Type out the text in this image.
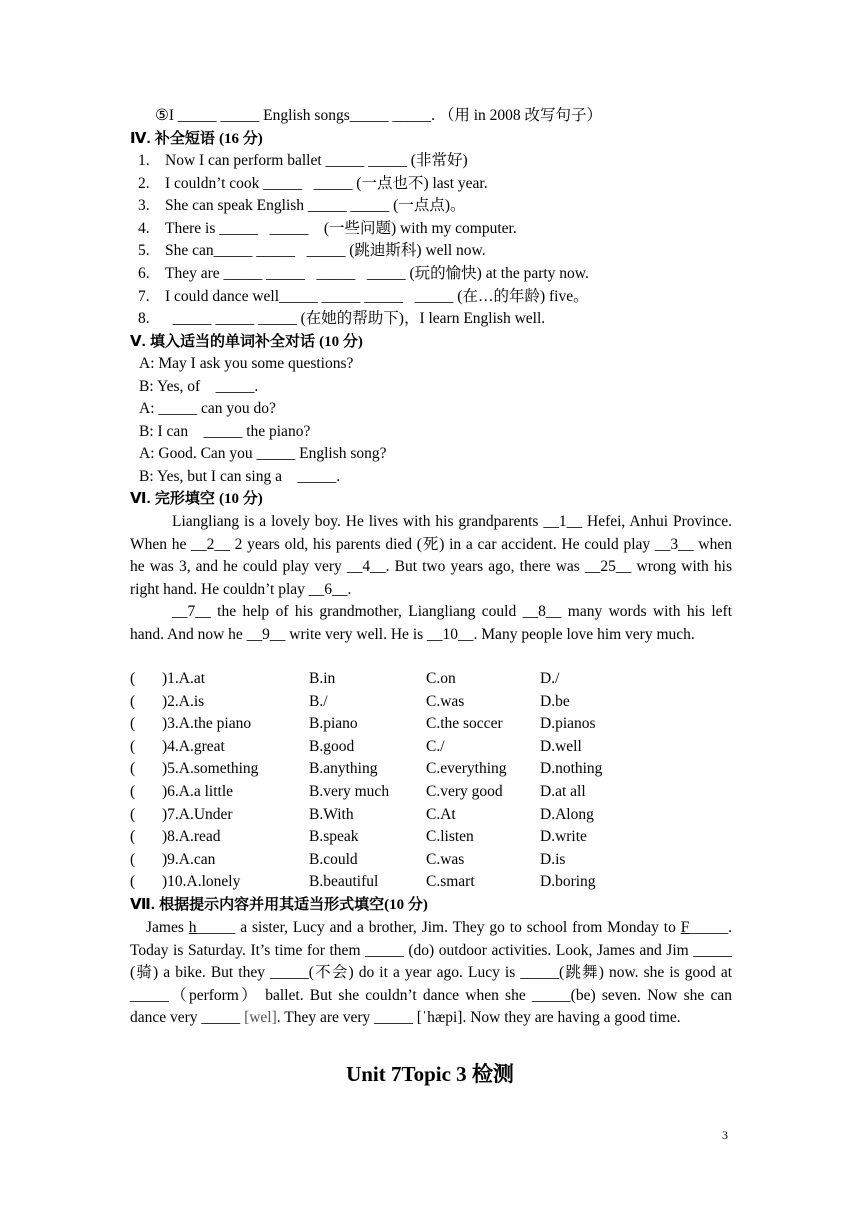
⑤I _____ _____ English songs_____ _____. （用 in 2008 改写句子）
Ⅳ. 补全短语 (16 分)
1. Now I can perform ballet _____ _____ (非常好)
2. I couldn’t cook _____   _____ (一点也不) last year.
3. She can speak English _____ _____ (一点点)。
4. There is _____   _____    (一些问题) with my computer.
5. She can_____ _____   _____ (跳迪斯科) well now.
6. They are _____ _____   _____   _____ (玩的愉快) at the party now.
7. I could dance well_____ _____ _____   _____ (在…的年龄) five。
8.  _____ _____ _____ (在她的帮助下)，I learn English well.
Ⅴ. 填入适当的单词补全对话 (10 分)
A: May I ask you some questions?
B: Yes, of    _____.
A: _____ can you do?
B: I can    _____ the piano?
A: Good. Can you _____ English song?
B: Yes, but I can sing a    _____.
Ⅵ. 完形填空 (10 分)
Liangliang is a lovely boy. He lives with his grandparents __1__ Hefei, Anhui Province. When he __2__ 2 years old, his parents died (死) in a car accident. He could play __3__ when he was 3, and he could play very __4__. But two years ago, there was __25__ wrong with his right hand. He couldn’t play __6__.
__7__ the help of his grandmother, Liangliang could __8__ many words with his left hand. And now he __9__ write very well. He is __10__. Many people love him very much.
( )1.A.at	B.in	C.on	D./
( )2.A.is	B./	C.was	D.be
( )3.A.the piano	B.piano	C.the soccer D.pianos
( )4.A.great	B.good	C./	D.well
( )5.A.something	B.anything	C.everything D.nothing
( )6.A.a little	B.very much C.very good D.at all
( )7.A.Under	B.With	C.At	D.Along
( )8.A.read	B.speak	C.listen	D.write
( )9.A.can	B.could	C.was	D.is
( )10.A.lonely	B.beautiful	C.smart	D.boring
Ⅶ. 根据提示内容并用其适当形式填空(10 分)
James h_____ a sister, Lucy and a brother, Jim. They go to school from Monday to F_____. Today is Saturday. It’s time for them _____ (do) outdoor activities. Look, James and Jim _____ (骑) a bike. But they _____(不会) do it a year ago. Lucy is _____(跳舞) now. she is good at _____（perform） ballet. But she couldn’t dance when she _____(be) seven. Now she can dance very _____ [wel]. They are very _____ [ˈhæpi]. Now they are having a good time.
Unit 7Topic 3 检测
3
